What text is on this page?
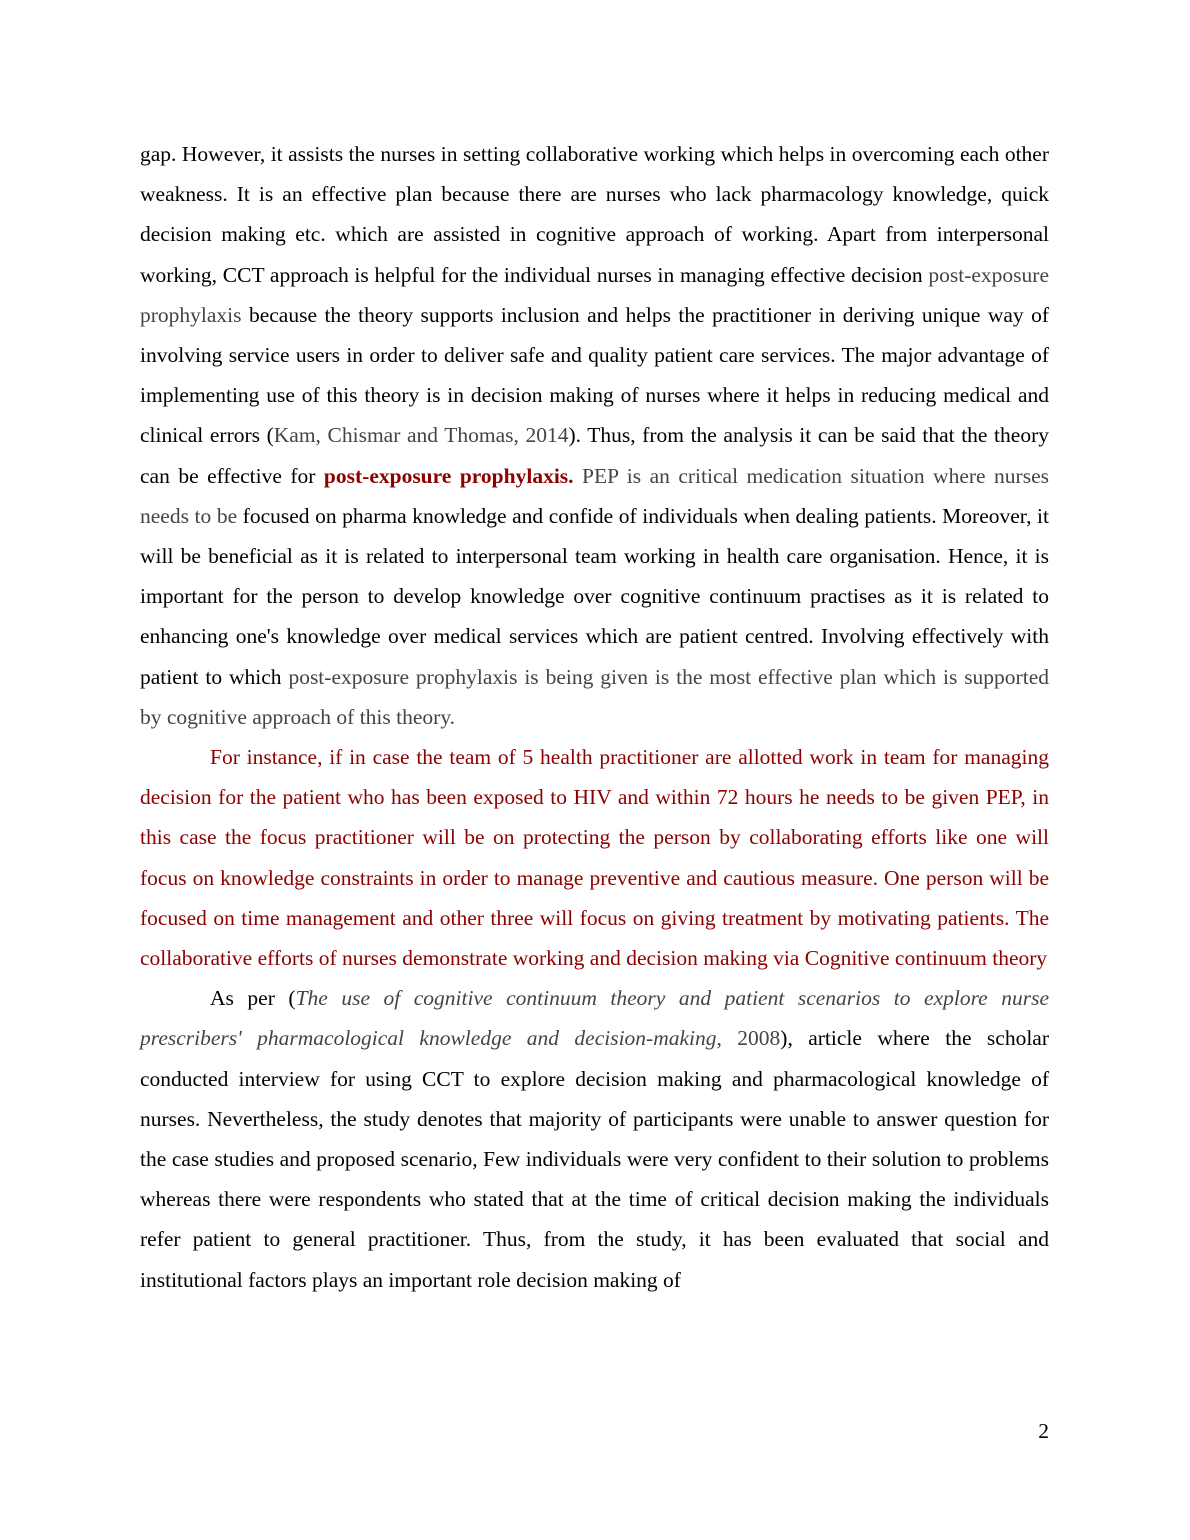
gap. However, it assists the nurses in setting collaborative working which helps in overcoming each other weakness. It is an effective plan because there are nurses who lack pharmacology knowledge, quick decision making etc. which are assisted in cognitive approach of working. Apart from interpersonal working, CCT approach is helpful for the individual nurses in managing effective decision post-exposure prophylaxis because the theory supports inclusion and helps the practitioner in deriving unique way of involving service users in order to deliver safe and quality patient care services. The major advantage of implementing use of this theory is in decision making of nurses where it helps in reducing medical and clinical errors (Kam, Chismar and Thomas, 2014). Thus, from the analysis it can be said that the theory can be effective for post-exposure prophylaxis. PEP is an critical medication situation where nurses needs to be focused on pharma knowledge and confide of individuals when dealing patients. Moreover, it will be beneficial as it is related to interpersonal team working in health care organisation. Hence, it is important for the person to develop knowledge over cognitive continuum practises as it is related to enhancing one's knowledge over medical services which are patient centred. Involving effectively with patient to which post-exposure prophylaxis is being given is the most effective plan which is supported by cognitive approach of this theory.

For instance, if in case the team of 5 health practitioner are allotted work in team for managing decision for the patient who has been exposed to HIV and within 72 hours he needs to be given PEP, in this case the focus practitioner will be on protecting the person by collaborating efforts like one will focus on knowledge constraints in order to manage preventive and cautious measure. One person will be focused on time management and other three will focus on giving treatment by motivating patients. The collaborative efforts of nurses demonstrate working and decision making via Cognitive continuum theory

As per (The use of cognitive continuum theory and patient scenarios to explore nurse prescribers' pharmacological knowledge and decision-making, 2008), article where the scholar conducted interview for using CCT to explore decision making and pharmacological knowledge of nurses. Nevertheless, the study denotes that majority of participants were unable to answer question for the case studies and proposed scenario, Few individuals were very confident to their solution to problems whereas there were respondents who stated that at the time of critical decision making the individuals refer patient to general practitioner. Thus, from the study, it has been evaluated that social and institutional factors plays an important role decision making of

2
